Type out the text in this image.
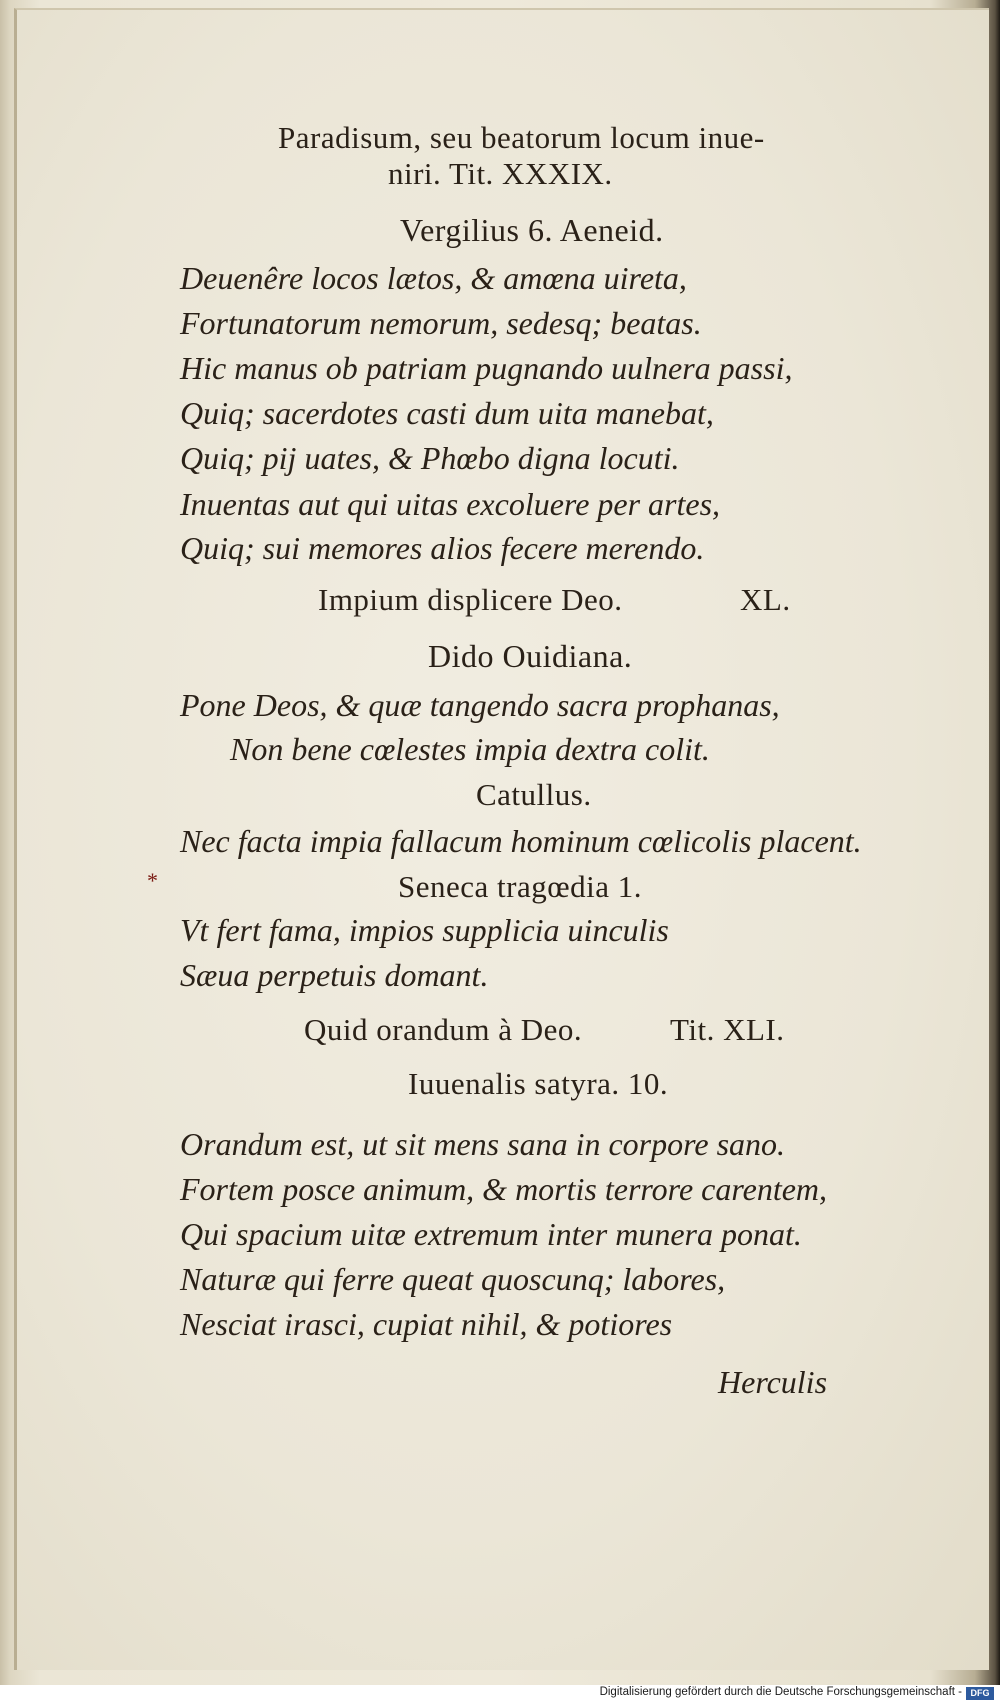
Paradisum, seu beatorum locum inue-
niri. Tit. XXXIX.
Vergilius 6. Aeneid.
Deuenêre locos lætos, & amœna uireta,
Fortunatorum nemorum, sedesq; beatas.
Hic manus ob patriam pugnando uulnera passi,
Quiq; sacerdotes casti dum uita manebat,
Quiq; pij uates, & Phœbo digna locuti.
Inuentas aut qui uitas excoluere per artes,
Quiq; sui memores alios fecere merendo.
Impium displicere Deo.	XL.
Dido Ouidiana.
Pone Deos, & quæ tangendo sacra prophanas,
Non bene cœlestes impia dextra colit.
Catullus.
Nec facta impia fallacum hominum cœlicolis placent.
*	Seneca tragœdia 1.
Vt fert fama, impios supplicia uinculis
Sæua perpetuis domant.
Quid orandum à Deo.	Tit. XLI.
Iuuenalis satyra. 10.
Orandum est, ut sit mens sana in corpore sano.
Fortem posce animum, & mortis terrore carentem,
Qui spacium uitæ extremum inter munera ponat.
Naturæ qui ferre queat quoscunq; labores,
Nesciat irasci, cupiat nihil, & potiores
Herculis
Digitalisierung gefördert durch die Deutsche Forschungsgemeinschaft - DFG
